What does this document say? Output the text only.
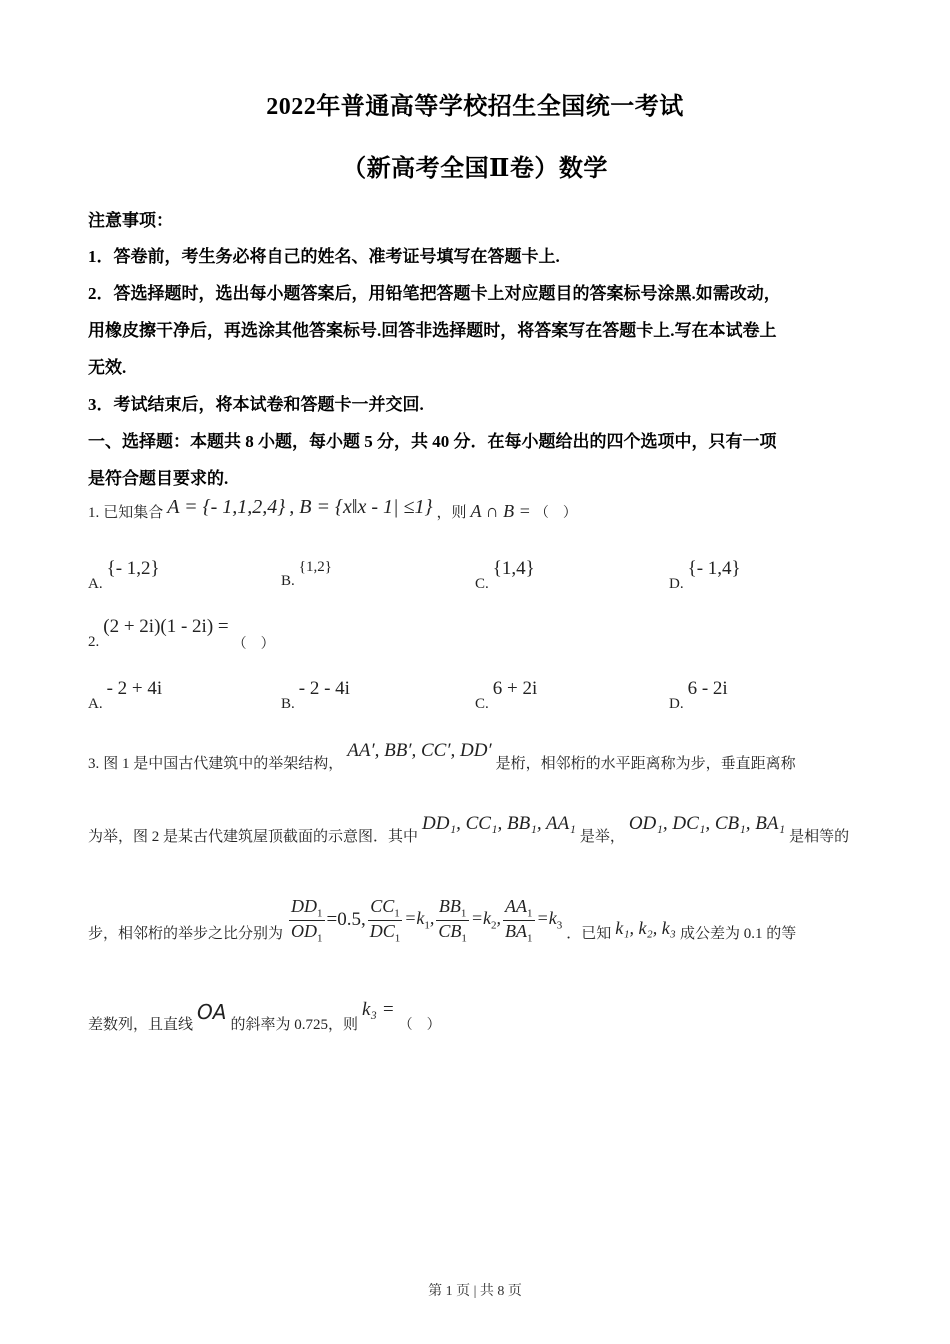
2022年普通高等学校招生全国统一考试
（新高考全国Ⅱ卷）数学
注意事项：
1．答卷前，考生务必将自己的姓名、准考证号填写在答题卡上.
2．答选择题时，选出每小题答案后，用铅笔把答题卡上对应题目的答案标号涂黑.如需改动，
用橡皮擦干净后，再选涂其他答案标号.回答非选择题时，将答案写在答题卡上.写在本试卷上
无效.
3．考试结束后，将本试卷和答题卡一并交回.
一、选择题：本题共 8 小题，每小题 5 分，共 40 分．在每小题给出的四个选项中，只有一项
是符合题目要求的.
1. 已知集合 A = {- 1,1,2,4} , B = {x‖x - 1| ≤1} ，则 A ∩ B = （　）
A. {- 1,2}
B. {1,2}
C. {1,4}
D. {- 1,4}
2. (2 + 2i)(1 - 2i) = （　）
A. - 2 + 4i
B. - 2 - 4i
C. 6 + 2i
D. 6 - 2i
3. 图 1 是中国古代建筑中的举架结构， AA′, BB′, CC′, DD′ 是桁，相邻桁的水平距离称为步，垂直距离称
为举，图 2 是某古代建筑屋顶截面的示意图．其中 DD₁, CC₁, BB₁, AA₁ 是举， OD₁, DC₁, CB₁, BA₁ 是相等的
步，相邻桁的举步之比分别为 $\frac{DD_1}{OD_1} =0.5$, $\frac{CC_1}{DC_1} =k_1$, $\frac{BB_1}{CB_1} =k_2$, $\frac{AA_1}{BA_1} =k_3$ ．已知 k₁, k₂, k₃ 成公差为 0.1 的等
差数列，且直线 OA 的斜率为 0.725，则 k₃ = （　）
第 1 页 | 共 8 页
